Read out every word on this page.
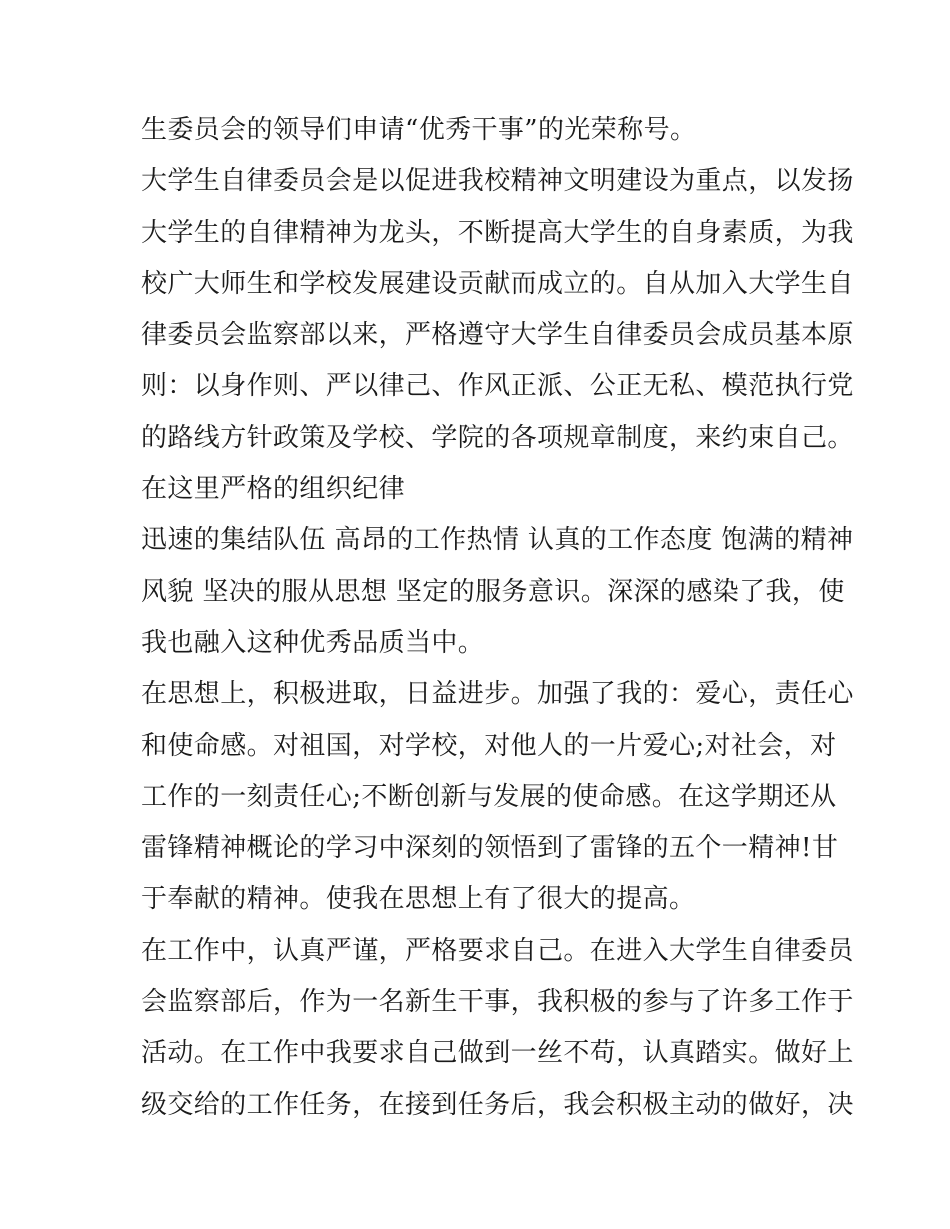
生委员会的领导们申请“优秀干事”的光荣称号。
大学生自律委员会是以促进我校精神文明建设为重点，以发扬
大学生的自律精神为龙头，不断提高大学生的自身素质，为我
校广大师生和学校发展建设贡献而成立的。自从加入大学生自
律委员会监察部以来，严格遵守大学生自律委员会成员基本原
则：以身作则、严以律己、作风正派、公正无私、模范执行党
的路线方针政策及学校、学院的各项规章制度，来约束自己。
在这里严格的组织纪律
迅速的集结队伍 高昂的工作热情 认真的工作态度 饱满的精神
风貌 坚决的服从思想 坚定的服务意识。深深的感染了我，使
我也融入这种优秀品质当中。
在思想上，积极进取，日益进步。加强了我的：爱心，责任心
和使命感。对祖国，对学校，对他人的一片爱心;对社会，对
工作的一刻责任心;不断创新与发展的使命感。在这学期还从
雷锋精神概论的学习中深刻的领悟到了雷锋的五个一精神!甘
于奉献的精神。使我在思想上有了很大的提高。
在工作中，认真严谨，严格要求自己。在进入大学生自律委员
会监察部后，作为一名新生干事，我积极的参与了许多工作于
活动。在工作中我要求自己做到一丝不苟，认真踏实。做好上
级交给的工作任务，在接到任务后，我会积极主动的做好，决
